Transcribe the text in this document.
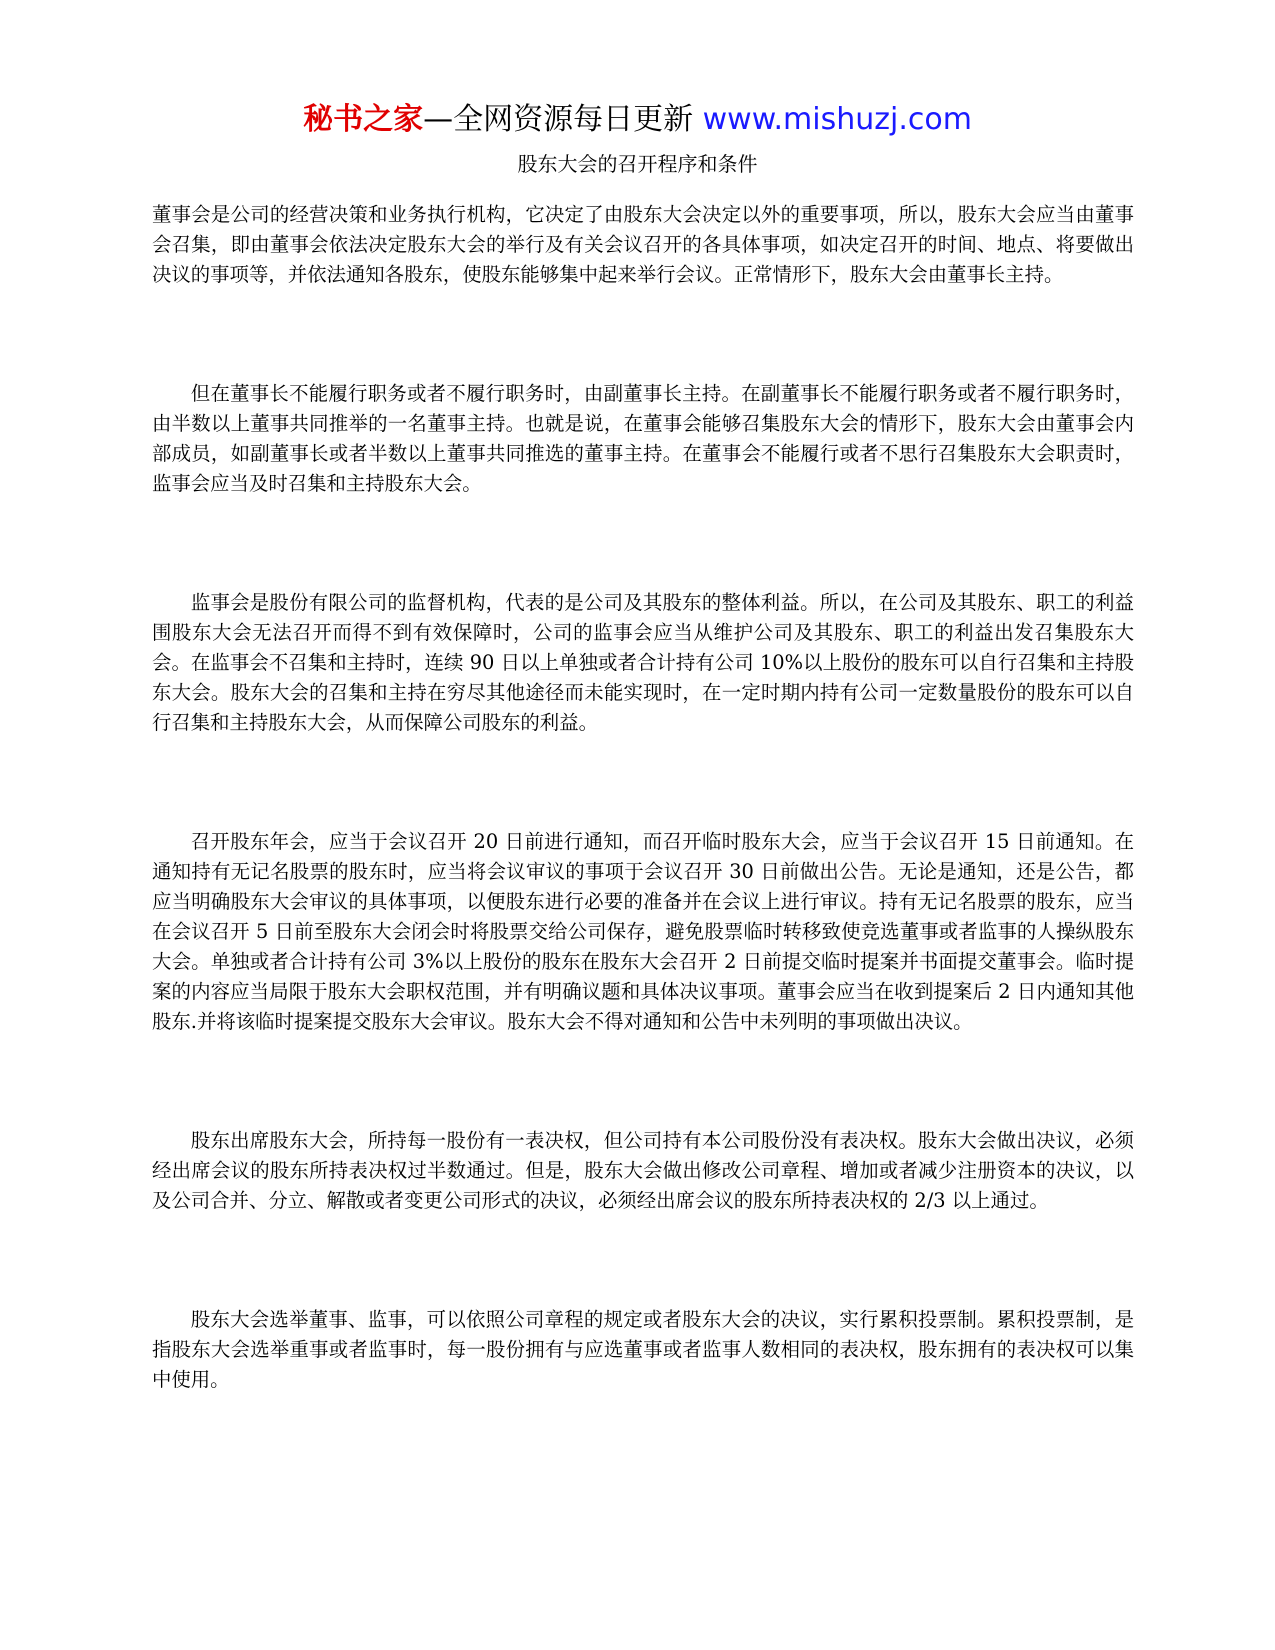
秘书之家—全网资源每日更新 www.mishuzj.com
股东大会的召开程序和条件

董事会是公司的经营决策和业务执行机构，它决定了由股东大会决定以外的重要事项，所以，股东大会应当由董事会召集，即由董事会依法决定股东大会的举行及有关会议召开的各具体事项，如决定召开的时间、地点、将要做出决议的事项等，并依法通知各股东，使股东能够集中起来举行会议。正常情形下，股东大会由董事长主持。

但在董事长不能履行职务或者不履行职务时，由副董事长主持。在副董事长不能履行职务或者不履行职务时，由半数以上董事共同推举的一名董事主持。也就是说，在董事会能够召集股东大会的情形下，股东大会由董事会内部成员，如副董事长或者半数以上董事共同推选的董事主持。在董事会不能履行或者不思行召集股东大会职责时，监事会应当及时召集和主持股东大会。

监事会是股份有限公司的监督机构，代表的是公司及其股东的整体利益。所以，在公司及其股东、职工的利益围股东大会无法召开而得不到有效保障时，公司的监事会应当从维护公司及其股东、职工的利益出发召集股东大会。在监事会不召集和主持时，连续 90 日以上单独或者合计持有公司 10%以上股份的股东可以自行召集和主持股东大会。股东大会的召集和主持在穷尽其他途径而未能实现时，在一定时期内持有公司一定数量股份的股东可以自行召集和主持股东大会，从而保障公司股东的利益。

召开股东年会，应当于会议召开 20 日前进行通知，而召开临时股东大会，应当于会议召开 15 日前通知。在通知持有无记名股票的股东时，应当将会议审议的事项于会议召开 30 日前做出公告。无论是通知，还是公告，都应当明确股东大会审议的具体事项，以便股东进行必要的准备并在会议上进行审议。持有无记名股票的股东，应当在会议召开 5 日前至股东大会闭会时将股票交给公司保存，避免股票临时转移致使竞选董事或者监事的人操纵股东大会。单独或者合计持有公司 3%以上股份的股东在股东大会召开 2 日前提交临时提案并书面提交董事会。临时提案的内容应当局限于股东大会职权范围，并有明确议题和具体决议事项。董事会应当在收到提案后 2 日内通知其他股东.并将该临时提案提交股东大会审议。股东大会不得对通知和公告中未列明的事项做出决议。

股东出席股东大会，所持每一股份有一表决权，但公司持有本公司股份没有表决权。股东大会做出决议，必须经出席会议的股东所持表决权过半数通过。但是，股东大会做出修改公司章程、增加或者减少注册资本的决议，以及公司合并、分立、解散或者变更公司形式的决议，必须经出席会议的股东所持表决权的 2/3 以上通过。

股东大会选举董事、监事，可以依照公司章程的规定或者股东大会的决议，实行累积投票制。累积投票制，是指股东大会选举重事或者监事时，每一股份拥有与应选董事或者监事人数相同的表决权，股东拥有的表决权可以集中使用。
